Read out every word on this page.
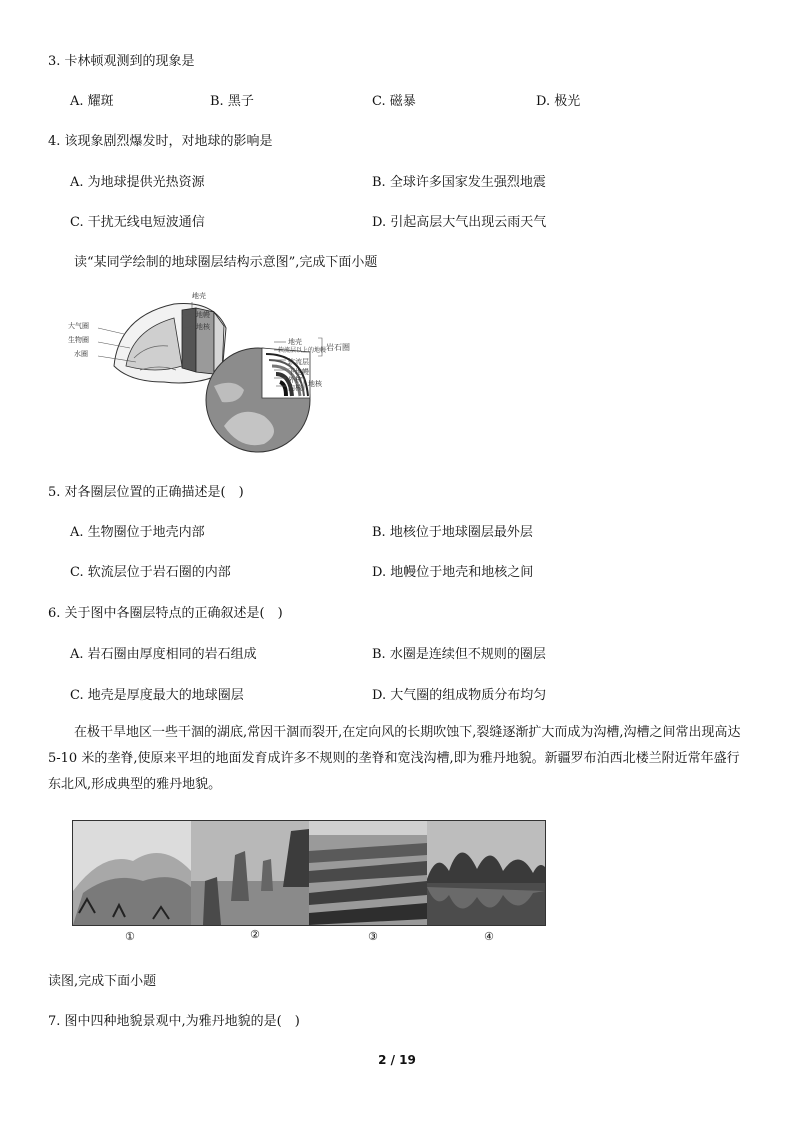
3. 卡林顿观测到的现象是
A. 耀斑	B. 黑子	C. 磁暴	D. 极光
4. 该现象剧烈爆发时，对地球的影响是
A. 为地球提供光热资源	B. 全球许多国家发生强烈地震
C. 干扰无线电短波通信	D. 引起高层大气出现云雨天气
读“某同学绘制的地球圈层结构示意图”,完成下面小题
地壳
地幔
地核
大气圈
生物圈
水圈
地壳
软流层以上的地幔 岩石圈
软流层
下地幔
外核
内核 地核
5. 对各圈层位置的正确描述是(　)
A. 生物圈位于地壳内部	B. 地核位于地球圈层最外层
C. 软流层位于岩石圈的内部	D. 地幔位于地壳和地核之间
6. 关于图中各圈层特点的正确叙述是(　)
A. 岩石圈由厚度相同的岩石组成	B. 水圈是连续但不规则的圈层
C. 地壳是厚度最大的地球圈层	D. 大气圈的组成物质分布均匀
在极干旱地区一些干涸的湖底,常因干涸而裂开,在定向风的长期吹蚀下,裂缝逐渐扩大而成为沟槽,沟槽之间常出现高达 5-10 米的垄脊,使原来平坦的地面发育成许多不规则的垄脊和宽浅沟槽,即为雅丹地貌。新疆罗布泊西北楼兰附近常年盛行东北风,形成典型的雅丹地貌。
①	②	③	④
读图,完成下面小题
7. 图中四种地貌景观中,为雅丹地貌的是(　)
2 / 19
